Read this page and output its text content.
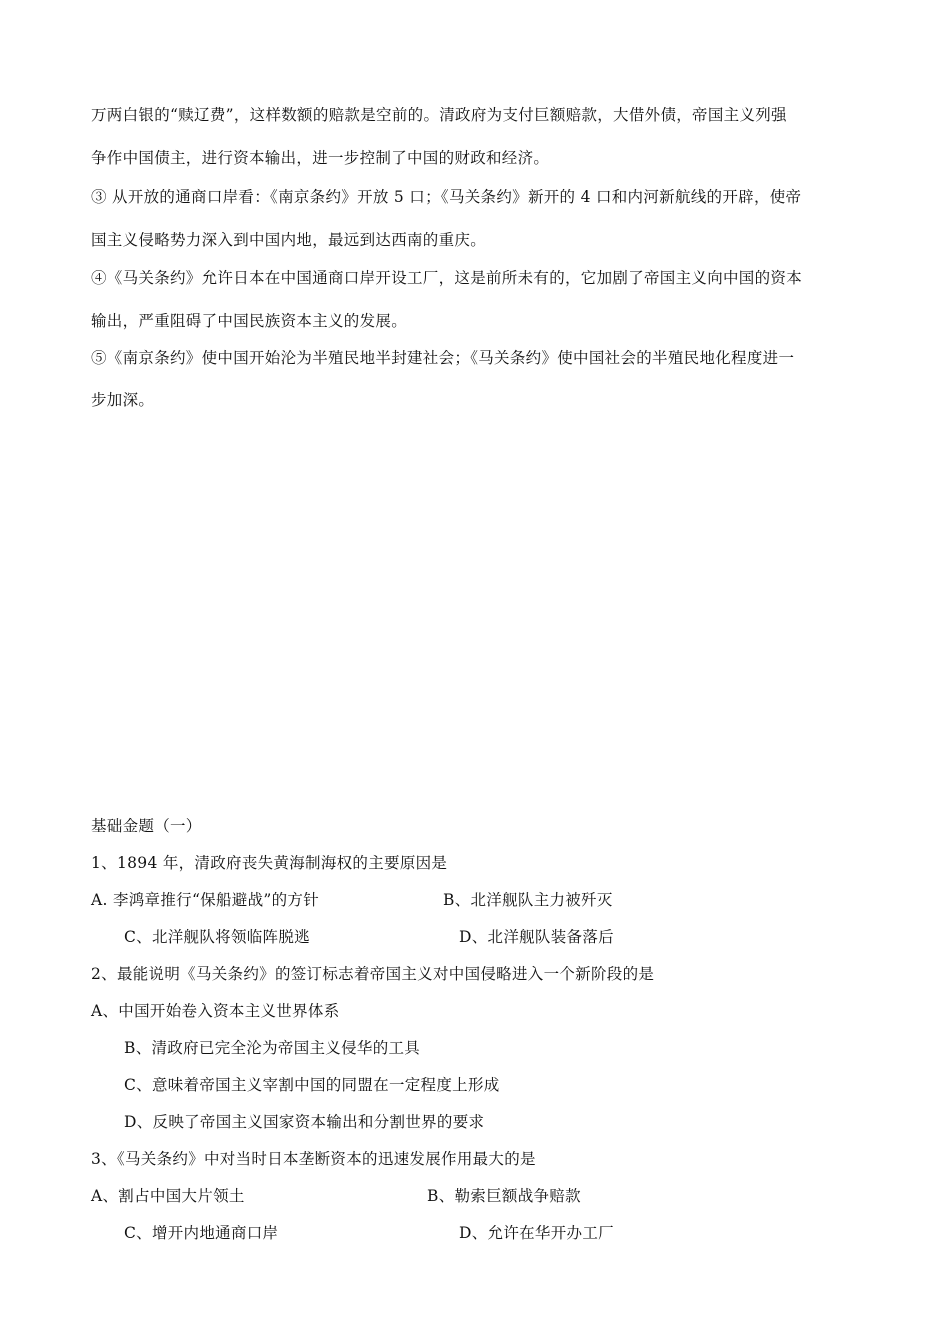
万两白银的“赎辽费”，这样数额的赔款是空前的。清政府为支付巨额赔款，大借外债，帝国主义列强
争作中国债主，进行资本输出，进一步控制了中国的财政和经济。
③ 从开放的通商口岸看：《南京条约》开放 5 口；《马关条约》新开的 4 口和内河新航线的开辟，使帝
国主义侵略势力深入到中国内地，最远到达西南的重庆。
④《马关条约》允许日本在中国通商口岸开设工厂，这是前所未有的，它加剧了帝国主义向中国的资本
输出，严重阻碍了中国民族资本主义的发展。
⑤《南京条约》使中国开始沦为半殖民地半封建社会；《马关条约》使中国社会的半殖民地化程度进一
步加深。
基础金题（一）
1、1894 年，清政府丧失黄海制海权的主要原因是
A. 李鸿章推行“保船避战”的方针	B、北洋舰队主力被歼灭
C、北洋舰队将领临阵脱逃	D、北洋舰队装备落后
2、最能说明《马关条约》的签订标志着帝国主义对中国侵略进入一个新阶段的是
A、中国开始卷入资本主义世界体系
B、清政府已完全沦为帝国主义侵华的工具
C、意味着帝国主义宰割中国的同盟在一定程度上形成
D、反映了帝国主义国家资本输出和分割世界的要求
3、《马关条约》中对当时日本垄断资本的迅速发展作用最大的是
A、割占中国大片领土	B、勒索巨额战争赔款
C、增开内地通商口岸	D、允许在华开办工厂
